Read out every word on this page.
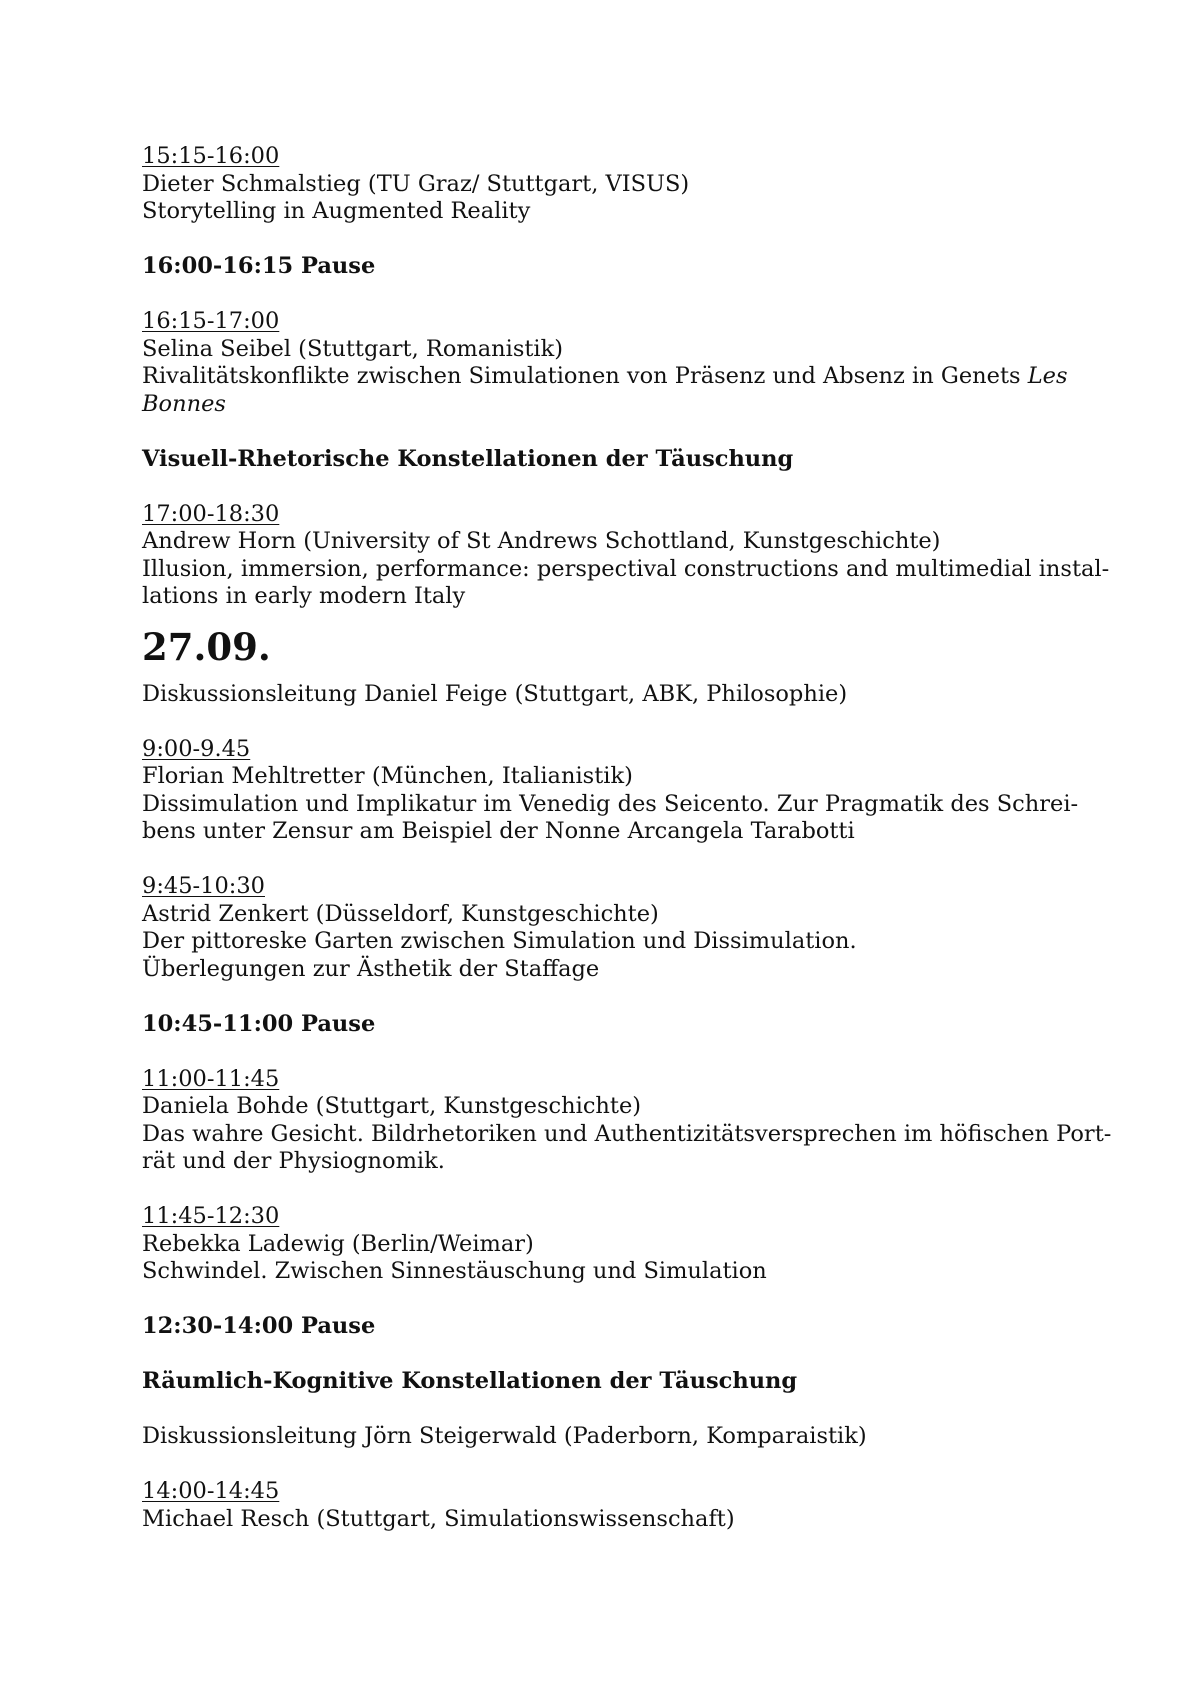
15:15-16:00
Dieter Schmalstieg (TU Graz/ Stuttgart, VISUS)
Storytelling in Augmented Reality
16:00-16:15 Pause
16:15-17:00
Selina Seibel (Stuttgart, Romanistik)
Rivalitätskonflikte zwischen Simulationen von Präsenz und Absenz in Genets Les
Bonnes
Visuell-Rhetorische Konstellationen der Täuschung
17:00-18:30
Andrew Horn (University of St Andrews Schottland, Kunstgeschichte)
Illusion, immersion, performance: perspectival constructions and multimedial instal-
lations in early modern Italy
27.09.
Diskussionsleitung Daniel Feige (Stuttgart, ABK, Philosophie)
9:00-9.45
Florian Mehltretter (München, Italianistik)
Dissimulation und Implikatur im Venedig des Seicento. Zur Pragmatik des Schrei-
bens unter Zensur am Beispiel der Nonne Arcangela Tarabotti
9:45-10:30
Astrid Zenkert (Düsseldorf, Kunstgeschichte)
Der pittoreske Garten zwischen Simulation und Dissimulation.
Überlegungen zur Ästhetik der Staffage
10:45-11:00 Pause
11:00-11:45
Daniela Bohde (Stuttgart, Kunstgeschichte)
Das wahre Gesicht. Bildrhetoriken und Authentizitätsversprechen im höfischen Port-
rät und der Physiognomik.
11:45-12:30
Rebekka Ladewig (Berlin/Weimar)
Schwindel. Zwischen Sinnestäuschung und Simulation
12:30-14:00 Pause
Räumlich-Kognitive Konstellationen der Täuschung
Diskussionsleitung Jörn Steigerwald (Paderborn, Komparaistik)
14:00-14:45
Michael Resch (Stuttgart, Simulationswissenschaft)
